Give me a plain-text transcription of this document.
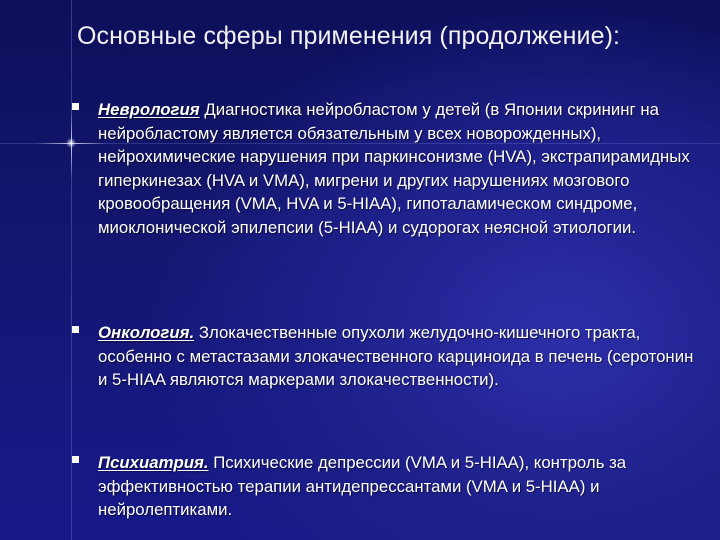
Основные сферы применения (продолжение):
Неврология Диагностика нейробластом у детей (в Японии скрининг на нейробластому является обязательным у всех новорожденных), нейрохимические нарушения при паркинсонизме (HVA), экстрапирамидных гиперкинезах (HVA и VMA), мигрени и других нарушениях мозгового кровообращения (VMA, HVA и 5-HIAA), гипоталамическом синдроме, миоклонической эпилепсии (5-HIAA) и судорогах неясной этиологии.
Онкология. Злокачественные опухоли желудочно-кишечного тракта, особенно с метастазами злокачественного карциноида в печень (серотонин и 5-HIAA являются маркерами злокачественности).
Психиатрия. Психические депрессии (VMA и 5-HIAA), контроль за эффективностью терапии антидепрессантами (VMA и 5-HIAA) и нейролептиками.
